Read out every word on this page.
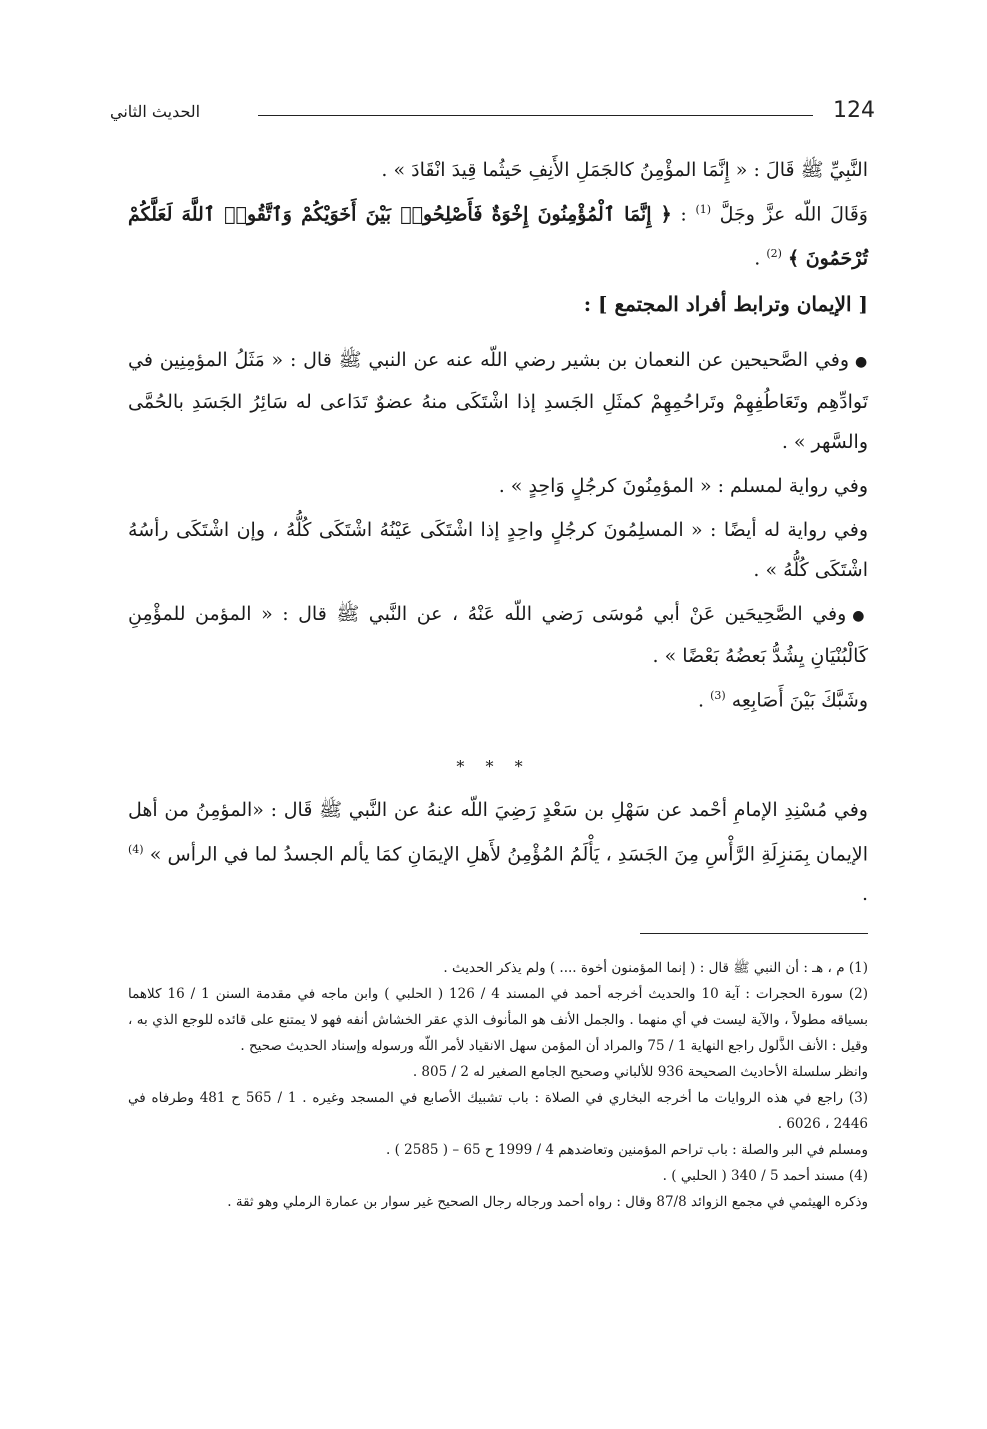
الحديث الثاني	124

النَّبِيِّ ﷺ قَالَ : « إِنَّمَا المؤْمِنُ كالجَمَلِ الأَنِفِ حَيثُما قِيدَ انْقَادَ » .

وَقَالَ اللّه عزَّ وجَلَّ $^{(1)}$ : ﴿ إِنَّمَا ٱلْمُؤْمِنُونَ إِخْوَةٌ فَأَصْلِحُوا۟ بَيْنَ أَخَوَيْكُمْ وَٱتَّقُوا۟ ٱللَّهَ لَعَلَّكُمْ تُرْحَمُونَ ﴾ $^{(2)}$ .

[ الإيمان وترابط أفراد المجتمع ] :

●وفي الصَّحيحين عن النعمان بن بشير رضي اللّه عنه عن النبي ﷺ قال : « مَثَلُ المؤمِنِين في تَوادِّهِم وتَعَاطُفِهِمْ وتَراحُمِهِمْ كمثَلِ الجَسدِ إذا اشْتَكَى منهُ عضوٌ تَدَاعى له سَائِرُ الجَسَدِ بالحُمَّى والسَّهر » .

وفي رواية لمسلم : « المؤمِنُونَ كرجُلٍ وَاحِدٍ » .

وفي رواية له أيضًا : « المسلِمُونَ كرجُلٍ واحِدٍ إذا اشْتَكَى عَيْنُهُ اشْتَكَى كُلُّهُ ، وإن اشْتَكَى رأسُهُ اشْتَكَى كُلُّهُ » .

●وفي الصَّحِيحَين عَنْ أبي مُوسَى رَضي اللّه عَنْهُ ، عن النَّبي ﷺ قال : « المؤمن للمؤْمِنِ كَالْبُنْيَانِ يِشُدُّ بَعضُهُ بَعْضًا » .

وشَبَّكَ بَيْنَ أَصَابِعِه $^{(3)}$ .

* * *

وفي مُسْنِدِ الإمامِ أحْمد عن سَهْلِ بن سَعْدٍ رَضِيَ اللّه عنهُ عن النَّبي ﷺ قَال : «المؤمِنُ من أهل الإيمان بِمَنزِلَةِ الرَّأْسِ مِنَ الجَسَدِ ، يَأْلَمُ المُؤْمِنُ لأَهلِ الإيمَانِ كمَا يألم الجسدُ لما في الرأس » $^{(4)}$ .

(1) م ، هـ : أن النبي ﷺ قال : ( إنما المؤمنون أخوة .... ) ولم يذكر الحديث .

(2) سورة الحجرات : آية 10 والحديث أخرجه أحمد في المسند 4 / 126 ( الحلبي ) وابن ماجه في مقدمة السنن 1 / 16 كلاهما بسياقه مطولاً ، والآية ليست في أي منهما . والجمل الأنف هو المأنوف الذي عقر الخشاش أنفه فهو لا يمتنع على قائده للوجع الذي به ، وقيل : الأنف الذَّلول راجع النهاية 1 / 75 والمراد أن المؤمن سهل الانقياد لأمر اللّه ورسوله وإسناد الحديث صحيح .

وانظر سلسلة الأحاديث الصحيحة 936 للألباني وصحيح الجامع الصغير له 2 / 805 .

(3) راجع في هذه الروايات ما أخرجه البخاري في الصلاة : باب تشبيك الأصابع في المسجد وغيره . 1 / 565 ح 481 وطرفاه في 2446 ، 6026 .

ومسلم في البر والصلة : باب تراحم المؤمنين وتعاضدهم 4 / 1999 ح 65 – ( 2585 ) .

(4) مسند أحمد 5 / 340 ( الحلبي ) .

وذكره الهيثمي في مجمع الزوائد 87/8 وقال : رواه أحمد ورجاله رجال الصحيح غير سوار بن عمارة الرملي وهو ثقة .
